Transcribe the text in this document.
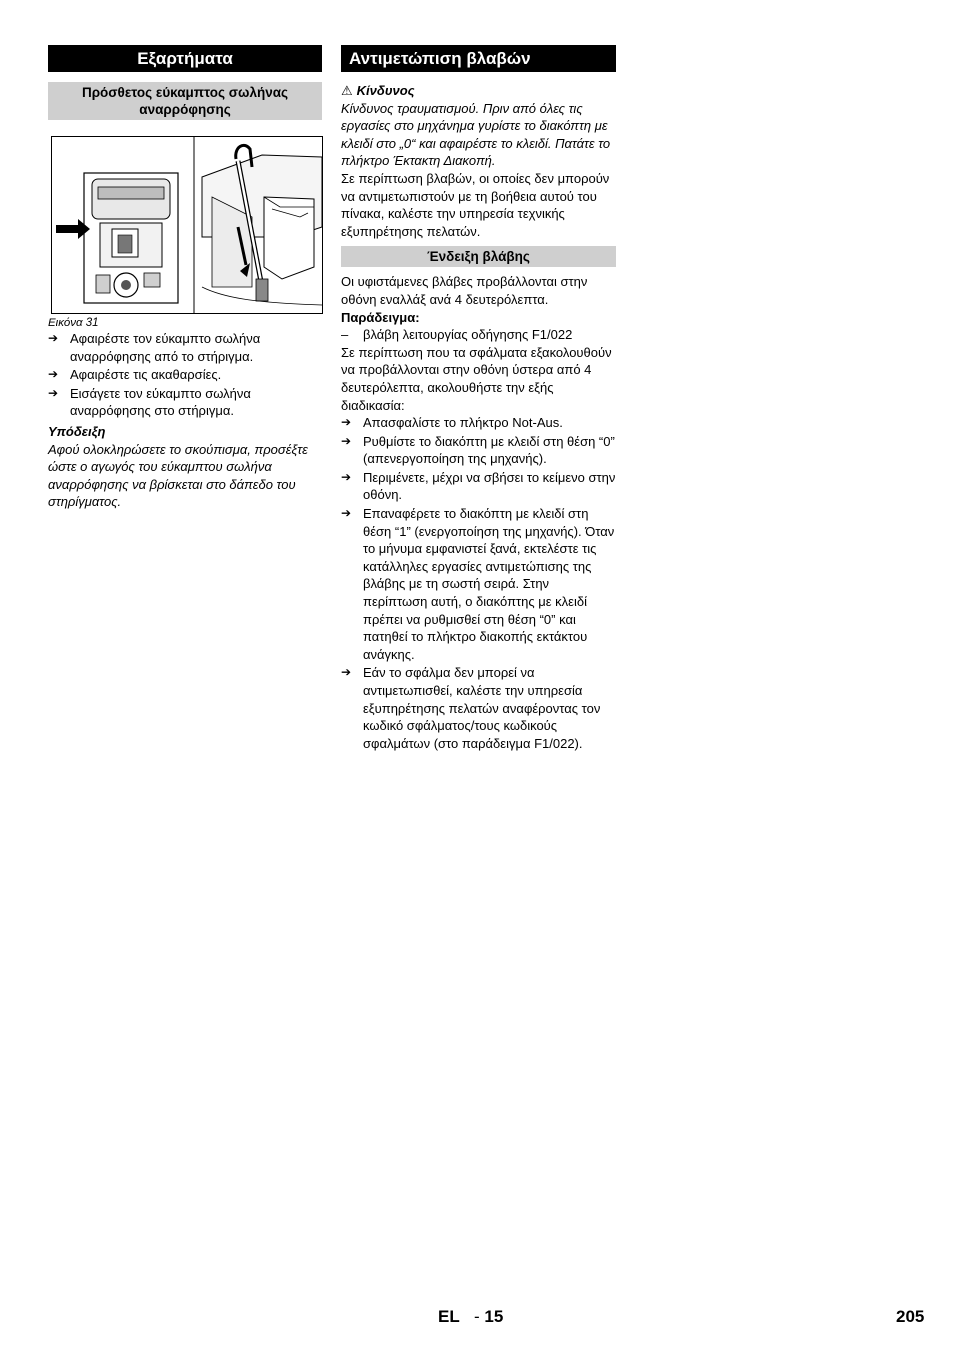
Εξαρτήματα
Πρόσθετος εύκαμπτος σωλήνας αναρρόφησης
Εικόνα 31
➔ Αφαιρέστε τον εύκαμπτο σωλήνα αναρρόφησης από το στήριγμα.
➔ Αφαιρέστε τις ακαθαρσίες.
➔ Εισάγετε τον εύκαμπτο σωλήνα αναρρόφησης στο στήριγμα.
Υπόδειξη
Αφού ολοκληρώσετε το σκούπισμα, προσέξτε ώστε ο αγωγός του εύκαμπτου σωλήνα αναρρόφησης να βρίσκεται στο δάπεδο του στηρίγματος.
Αντιμετώπιση βλαβών
⚠ Κίνδυνος
Κίνδυνος τραυματισμού. Πριν από όλες τις εργασίες στο μηχάνημα γυρίστε το διακόπτη με κλειδί στο „0“ και αφαιρέστε το κλειδί. Πατάτε το πλήκτρο Έκτακτη Διακοπή.
Σε περίπτωση βλαβών, οι οποίες δεν μπορούν να αντιμετωπιστούν με τη βοήθεια αυτού του πίνακα, καλέστε την υπηρεσία τεχνικής εξυπηρέτησης πελατών.
Ένδειξη βλάβης
Οι υφιστάμενες βλάβες προβάλλονται στην οθόνη εναλλάξ ανά 4 δευτερόλεπτα.
Παράδειγμα:
– βλάβη λειτουργίας οδήγησης F1/022
Σε περίπτωση που τα σφάλματα εξακολουθούν να προβάλλονται στην οθόνη ύστερα από 4 δευτερόλεπτα, ακολουθήστε την εξής διαδικασία:
➔ Απασφαλίστε το πλήκτρο Not-Aus.
➔ Ρυθμίστε το διακόπτη με κλειδί στη θέση “0” (απενεργοποίηση της μηχανής).
➔ Περιμένετε, μέχρι να σβήσει το κείμενο στην οθόνη.
➔ Επαναφέρετε το διακόπτη με κλειδί στη θέση “1” (ενεργοποίηση της μηχανής). Όταν το μήνυμα εμφανιστεί ξανά, εκτελέστε τις κατάλληλες εργασίες αντιμετώπισης της βλάβης με τη σωστή σειρά. Στην περίπτωση αυτή, ο διακόπτης με κλειδί πρέπει να ρυθμισθεί στη θέση “0” και πατηθεί το πλήκτρο διακοπής εκτάκτου ανάγκης.
➔ Εάν το σφάλμα δεν μπορεί να αντιμετωπισθεί, καλέστε την υπηρεσία εξυπηρέτησης πελατών αναφέροντας τον κωδικό σφάλματος/τους κωδικούς σφαλμάτων (στο παράδειγμα F1/022).
EL - 15	205
